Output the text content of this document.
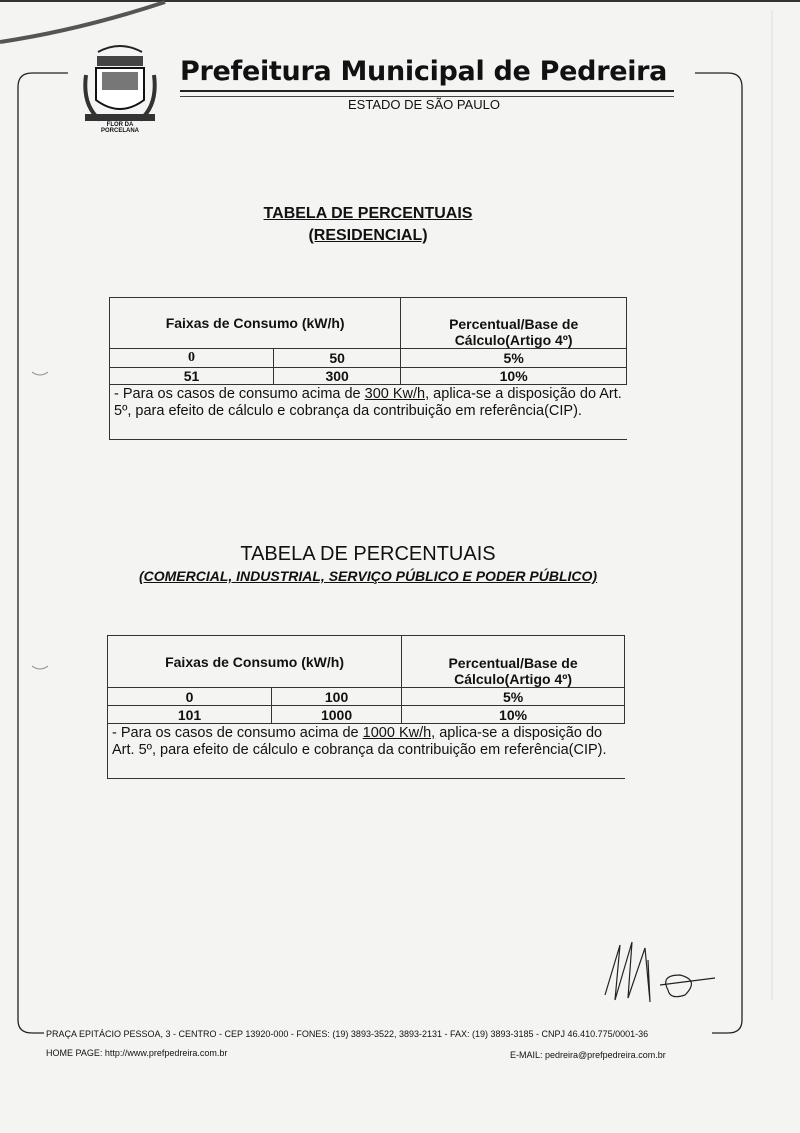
FLOR DA PORCELANA
Prefeitura Municipal de Pedreira
ESTADO DE SÃO PAULO
TABELA DE PERCENTUAIS
(RESIDENCIAL)
Faixas de Consumo (kW/h)		Percentual/Base de Cálculo(Artigo 4º)
0	50	5%
51	300	10%
- Para os casos de consumo acima de 300 Kw/h, aplica-se a disposição do Art. 5º, para efeito de cálculo e cobrança da contribuição em referência(CIP).		
TABELA DE PERCENTUAIS
(COMERCIAL, INDUSTRIAL, SERVIÇO PÚBLICO E PODER PÚBLICO)
Faixas de Consumo (kW/h)		Percentual/Base de Cálculo(Artigo 4º)
0	100	5%
101	1000	10%
- Para os casos de consumo acima de 1000 Kw/h, aplica-se a disposição do Art. 5º, para efeito de cálculo e cobrança da contribuição em referência(CIP).		
PRAÇA EPITÁCIO PESSOA, 3 - CENTRO - CEP 13920-000 - FONES: (19) 3893-3522, 3893-2131 - FAX: (19) 3893-3185 - CNPJ 46.410.775/0001-36
HOME PAGE: http://www.prefpedreira.com.br	E-MAIL: pedreira@prefpedreira.com.br
